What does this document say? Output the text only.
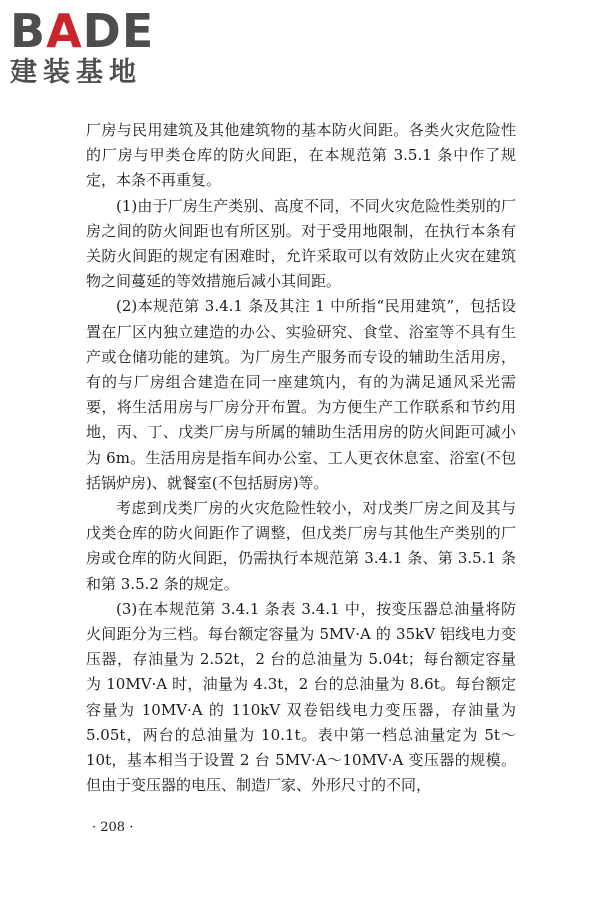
B A DE
建装基地

厂房与民用建筑及其他建筑物的基本防火间距。各类火灾危险性的厂房与甲类仓库的防火间距，在本规范第 3.5.1 条中作了规定，本条不再重复。

(1)由于厂房生产类别、高度不同，不同火灾危险性类别的厂房之间的防火间距也有所区别。对于受用地限制，在执行本条有关防火间距的规定有困难时，允许采取可以有效防止火灾在建筑物之间蔓延的等效措施后减小其间距。

(2)本规范第 3.4.1 条及其注 1 中所指“民用建筑”，包括设置在厂区内独立建造的办公、实验研究、食堂、浴室等不具有生产或仓储功能的建筑。为厂房生产服务而专设的辅助生活用房，有的与厂房组合建造在同一座建筑内，有的为满足通风采光需要，将生活用房与厂房分开布置。为方便生产工作联系和节约用地，丙、丁、戊类厂房与所属的辅助生活用房的防火间距可减小为 6m。生活用房是指车间办公室、工人更衣休息室、浴室(不包括锅炉房)、就餐室(不包括厨房)等。

考虑到戊类厂房的火灾危险性较小，对戊类厂房之间及其与戊类仓库的防火间距作了调整，但戊类厂房与其他生产类别的厂房或仓库的防火间距，仍需执行本规范第 3.4.1 条、第 3.5.1 条和第 3.5.2 条的规定。

(3)在本规范第 3.4.1 条表 3.4.1 中，按变压器总油量将防火间距分为三档。每台额定容量为 5MV·A 的 35kV 铝线电力变压器，存油量为 2.52t，2 台的总油量为 5.04t；每台额定容量为 10MV·A 时，油量为 4.3t，2 台的总油量为 8.6t。每台额定容量为 10MV·A 的 110kV 双卷铝线电力变压器，存油量为 5.05t，两台的总油量为 10.1t。表中第一档总油量定为 5t～10t，基本相当于设置 2 台 5MV·A～10MV·A 变压器的规模。但由于变压器的电压、制造厂家、外形尺寸的不同，

· 208 ·
